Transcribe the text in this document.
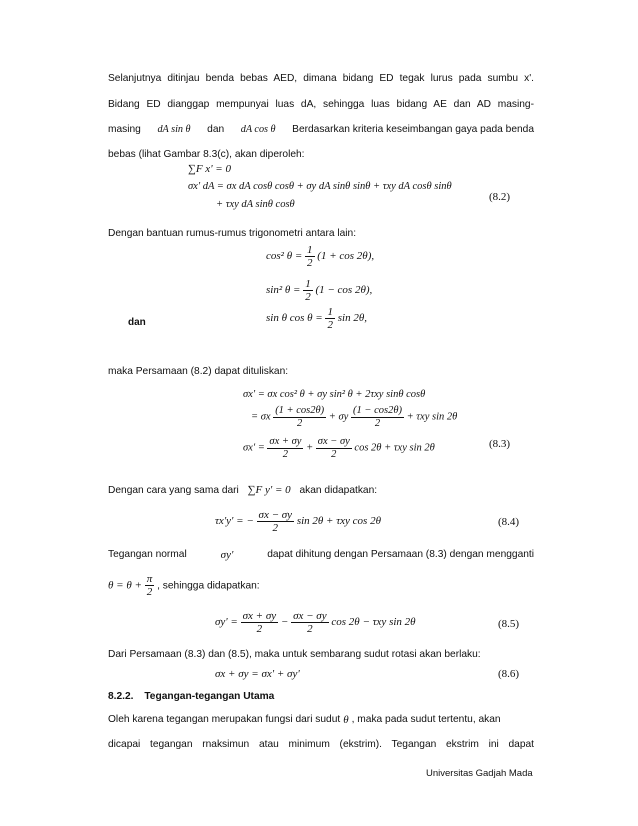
Selanjutnya ditinjau benda bebas AED, dimana bidang ED tegak lurus pada sumbu x'.
Bidang ED dianggap mempunyai luas dA, sehingga luas bidang AE dan AD masing-
masing dA sin θ dan dA cos θ Berdasarkan kriteria keseimbangan gaya pada benda
bebas (lihat Gambar 8.3(c), akan diperoleh:
∑F x' = 0
σx' dA = σx dA cosθ cosθ + σy dA sinθ sinθ + τxy dA cosθ sinθ
+ τxy dA sinθ cosθ
(8.2)
Dengan bantuan rumus-rumus trigonometri antara lain:
cos² $\theta = \frac{1}{2} (1 + \cos 2\theta)$,
sin² $\theta = \frac{1}{2} (1 - \cos 2\theta)$,
dan	sin θ $\cos \theta = \frac{1}{2}$ sin 2θ,
maka Persamaan (8.2) dapat dituliskan:
σx' = σx cos² θ + σy sin² θ + 2τxy sinθ cosθ
= σx $\frac{(1 + \cos 2\theta)}{2} + \sigma y \frac{(1 - \cos 2\theta)}{2} + \tau xy$ sin 2θ
$\sigma x' = \frac{\sigma x + \sigma y}{2} + \frac{\sigma x - \sigma y}{2}$ cos 2θ + τxy sin 2θ	(8.3)
Dengan cara yang sama dari ∑F y' = 0 akan didapatkan:
τx'y' = − $\frac{\sigma x - \sigma y}{2}$ sin 2θ + τxy cos 2θ	(8.4)
Tegangan normal	σy'	dapat dihitung dengan Persamaan (8.3) dengan mengganti
$\theta = \theta + \frac{\pi}{2}$ , sehingga didapatkan:
$\sigma y' = \frac{\sigma x + \sigma y}{2} - \frac{\sigma x - \sigma y}{2}$ cos 2θ − τxy sin 2θ	(8.5)
Dari Persamaan (8.3) dan (8.5), maka untuk sembarang sudut rotasi akan berlaku:
σx + σy = σx' + σy'	(8.6)
8.2.2. Tegangan-tegangan Utama
Oleh karena tegangan merupakan fungsi dari sudut θ , maka pada sudut tertentu, akan
dicapai tegangan rnaksimun atau minimum (ekstrim). Tegangan ekstrim ini dapat
Universitas Gadjah Mada
